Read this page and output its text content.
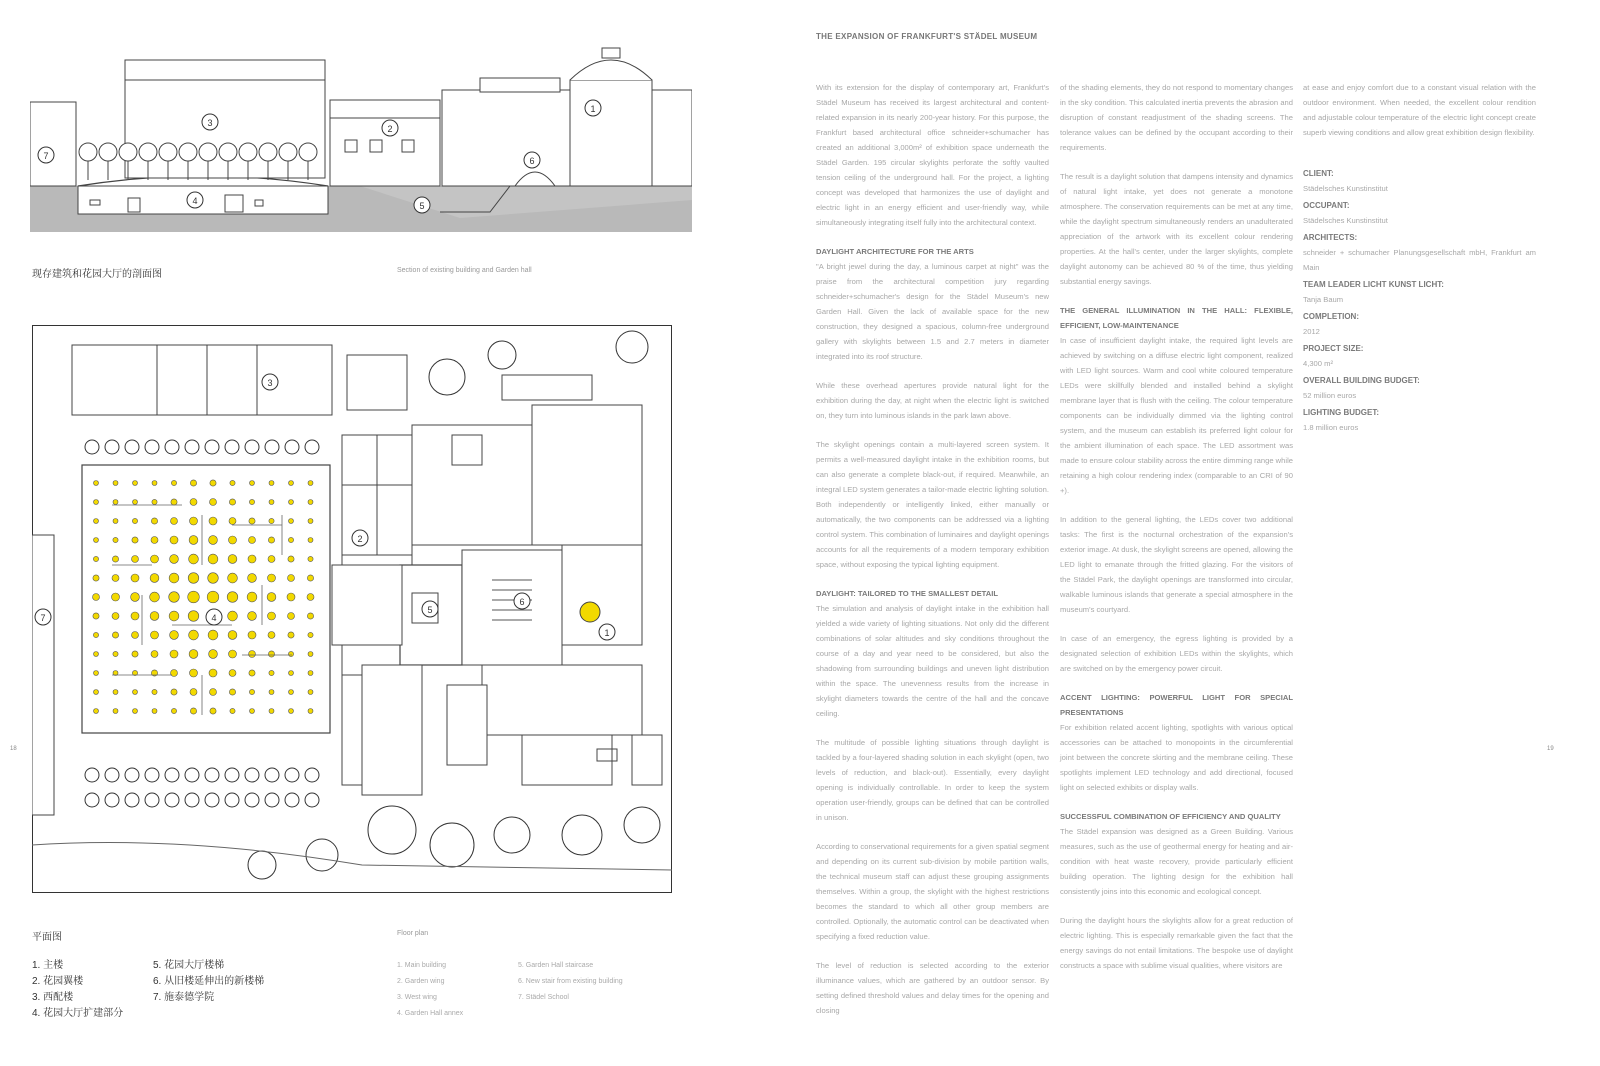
3
2
1
6
7
4	5
现存建筑和花园大厅的剖面图	Section of existing building and Garden hall
3
2
5
6
1
4
7
平面图	Floor plan
1. 主楼
2. 花园翼楼
3. 西配楼
4. 花园大厅扩建部分
5. 花园大厅楼梯
6. 从旧楼延伸出的新楼梯
7. 施泰德学院
1. Main building
2. Garden wing
3. West wing
4. Garden Hall annex
5. Garden Hall staircase
6. New stair from existing building
7. Städel School
18
THE EXPANSION OF FRANKFURT'S STÄDEL MUSEUM

With its extension for the display of contemporary art, Frankfurt's Städel Museum has received its largest architectural and content-related expansion in its nearly 200-year history. For this purpose, the Frankfurt based architectural office schneider+schumacher has created an additional 3,000m² of exhibition space underneath the Städel Garden. 195 circular skylights perforate the softly vaulted tension ceiling of the underground hall. For the project, a lighting concept was developed that harmonizes the use of daylight and electric light in an energy efficient and user-friendly way, while simultaneously integrating itself fully into the architectural context.

DAYLIGHT ARCHITECTURE FOR THE ARTS

"A bright jewel during the day, a luminous carpet at night" was the praise from the architectural competition jury regarding schneider+schumacher's design for the Städel Museum's new Garden Hall. Given the lack of available space for the new construction, they designed a spacious, column-free underground gallery with skylights between 1.5 and 2.7 meters in diameter integrated into its roof structure.

While these overhead apertures provide natural light for the exhibition during the day, at night when the electric light is switched on, they turn into luminous islands in the park lawn above.

The skylight openings contain a multi-layered screen system. It permits a well-measured daylight intake in the exhibition rooms, but can also generate a complete black-out, if required. Meanwhile, an integral LED system generates a tailor-made electric lighting solution. Both independently or intelligently linked, either manually or automatically, the two components can be addressed via a lighting control system. This combination of luminaires and daylight openings accounts for all the requirements of a modern temporary exhibition space, without exposing the typical lighting equipment.

DAYLIGHT: TAILORED TO THE SMALLEST DETAIL

The simulation and analysis of daylight intake in the exhibition hall yielded a wide variety of lighting situations. Not only did the different combinations of solar altitudes and sky conditions throughout the course of a day and year need to be considered, but also the shadowing from surrounding buildings and uneven light distribution within the space. The unevenness results from the increase in skylight diameters towards the centre of the hall and the concave ceiling.

The multitude of possible lighting situations through daylight is tackled by a four-layered shading solution in each skylight (open, two levels of reduction, and black-out). Essentially, every daylight opening is individually controllable. In order to keep the system operation user-friendly, groups can be defined that can be controlled in unison.

According to conservational requirements for a given spatial segment and depending on its current sub-division by mobile partition walls, the technical museum staff can adjust these grouping assignments themselves. Within a group, the skylight with the highest restrictions becomes the standard to which all other group members are controlled. Optionally, the automatic control can be deactivated when specifying a fixed reduction value.

The level of reduction is selected according to the exterior illuminance values, which are gathered by an outdoor sensor. By setting defined threshold values and delay times for the opening and closing

of the shading elements, they do not respond to momentary changes in the sky condition. This calculated inertia prevents the abrasion and disruption of constant readjustment of the shading screens. The tolerance values can be defined by the occupant according to their requirements.

The result is a daylight solution that dampens intensity and dynamics of natural light intake, yet does not generate a monotone atmosphere. The conservation requirements can be met at any time, while the daylight spectrum simultaneously renders an unadulterated appreciation of the artwork with its excellent colour rendering properties. At the hall's center, under the larger skylights, complete daylight autonomy can be achieved 80 % of the time, thus yielding substantial energy savings.

THE GENERAL ILLUMINATION IN THE HALL: FLEXIBLE, EFFICIENT, LOW-MAINTENANCE

In case of insufficient daylight intake, the required light levels are achieved by switching on a diffuse electric light component, realized with LED light sources. Warm and cool white coloured temperature LEDs were skillfully blended and installed behind a skylight membrane layer that is flush with the ceiling. The colour temperature components can be individually dimmed via the lighting control system, and the museum can establish its preferred light colour for the ambient illumination of each space. The LED assortment was made to ensure colour stability across the entire dimming range while retaining a high colour rendering index (comparable to an CRI of 90 +).

In addition to the general lighting, the LEDs cover two additional tasks: The first is the nocturnal orchestration of the expansion's exterior image. At dusk, the skylight screens are opened, allowing the LED light to emanate through the fritted glazing. For the visitors of the Städel Park, the daylight openings are transformed into circular, walkable luminous islands that generate a special atmosphere in the museum's courtyard.

In case of an emergency, the egress lighting is provided by a designated selection of exhibition LEDs within the skylights, which are switched on by the emergency power circuit.

ACCENT LIGHTING: POWERFUL LIGHT FOR SPECIAL PRESENTATIONS

For exhibition related accent lighting, spotlights with various optical accessories can be attached to monopoints in the circumferential joint between the concrete skirting and the membrane ceiling. These spotlights implement LED technology and add directional, focused light on selected exhibits or display walls.

SUCCESSFUL COMBINATION OF EFFICIENCY AND QUALITY

The Städel expansion was designed as a Green Building. Various measures, such as the use of geothermal energy for heating and air-condition with heat waste recovery, provide particularly efficient building operation. The lighting design for the exhibition hall consistently joins into this economic and ecological concept.

During the daylight hours the skylights allow for a great reduction of electric lighting. This is especially remarkable given the fact that the energy savings do not entail limitations. The bespoke use of daylight constructs a space with sublime visual qualities, where visitors are

at ease and enjoy comfort due to a constant visual relation with the outdoor environment. When needed, the excellent colour rendition and adjustable colour temperature of the electric light concept create superb viewing conditions and allow great exhibition design flexibility.

CLIENT:
Städelsches Kunstinstitut
OCCUPANT:
Städelsches Kunstinstitut
ARCHITECTS:
schneider + schumacher Planungsgesellschaft mbH, Frankfurt am Main
TEAM LEADER LICHT KUNST LICHT:
Tanja Baum
COMPLETION:
2012
PROJECT SIZE:
4,300 m²
OVERALL BUILDING BUDGET:
52 million euros
LIGHTING BUDGET:
1.8 million euros
19
